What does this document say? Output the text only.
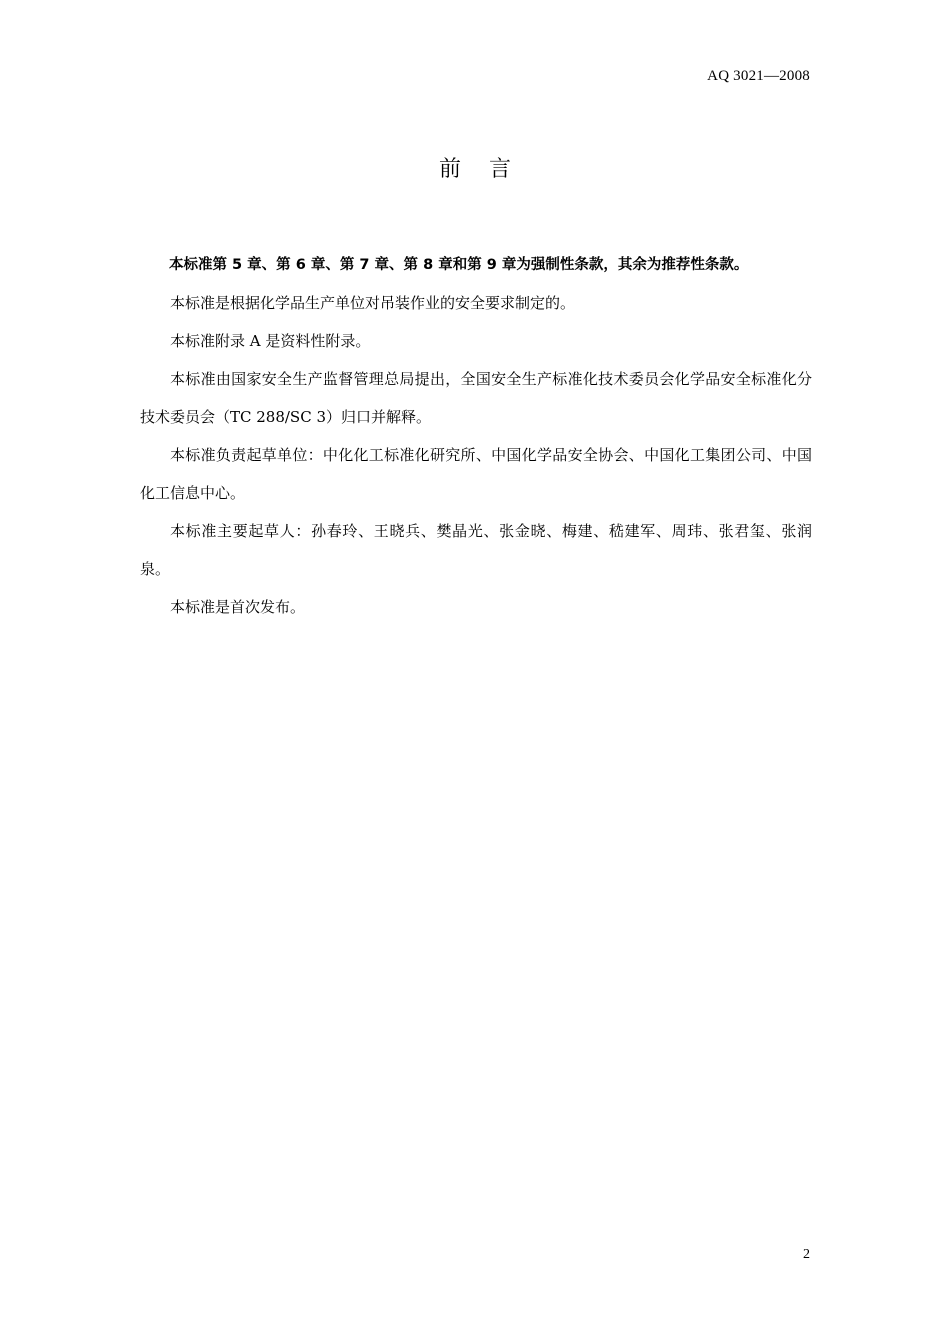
AQ 3021—2008
前言

本标准第 5 章、第 6 章、第 7 章、第 8 章和第 9 章为强制性条款，其余为推荐性条款。

本标准是根据化学品生产单位对吊装作业的安全要求制定的。

本标准附录 A 是资料性附录。

本标准由国家安全生产监督管理总局提出，全国安全生产标准化技术委员会化学品安全标准化分技术委员会（TC 288/SC 3）归口并解释。

本标准负责起草单位：中化化工标准化研究所、中国化学品安全协会、中国化工集团公司、中国化工信息中心。

本标准主要起草人：孙春玲、王晓兵、樊晶光、张金晓、梅建、嵇建军、周玮、张君玺、张润泉。

本标准是首次发布。

2
